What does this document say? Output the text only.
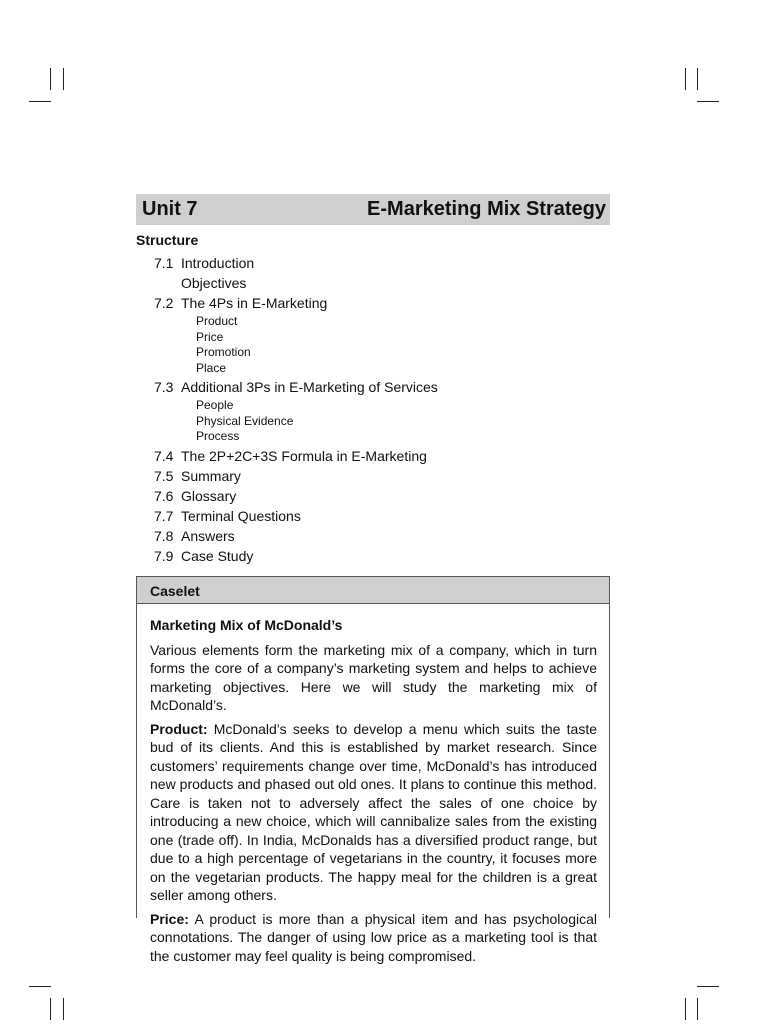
Unit 7	E-Marketing Mix Strategy
Structure
7.1 Introduction
Objectives
7.2 The 4Ps in E-Marketing
Product
Price
Promotion
Place
7.3 Additional 3Ps in E-Marketing of Services
People
Physical Evidence
Process
7.4 The 2P+2C+3S Formula in E-Marketing
7.5 Summary
7.6 Glossary
7.7 Terminal Questions
7.8 Answers
7.9 Case Study
Caselet
Marketing Mix of McDonald’s

Various elements form the marketing mix of a company, which in turn forms the core of a company’s marketing system and helps to achieve marketing objectives. Here we will study the marketing mix of McDonald’s.

Product: McDonald’s seeks to develop a menu which suits the taste bud of its clients. And this is established by market research. Since customers’ requirements change over time, McDonald’s has introduced new products and phased out old ones. It plans to continue this method. Care is taken not to adversely affect the sales of one choice by introducing a new choice, which will cannibalize sales from the existing one (trade off). In India, McDonalds has a diversified product range, but due to a high percentage of vegetarians in the country, it focuses more on the vegetarian products. The happy meal for the children is a great seller among others.

Price: A product is more than a physical item and has psychological connotations. The danger of using low price as a marketing tool is that the customer may feel quality is being compromised.
